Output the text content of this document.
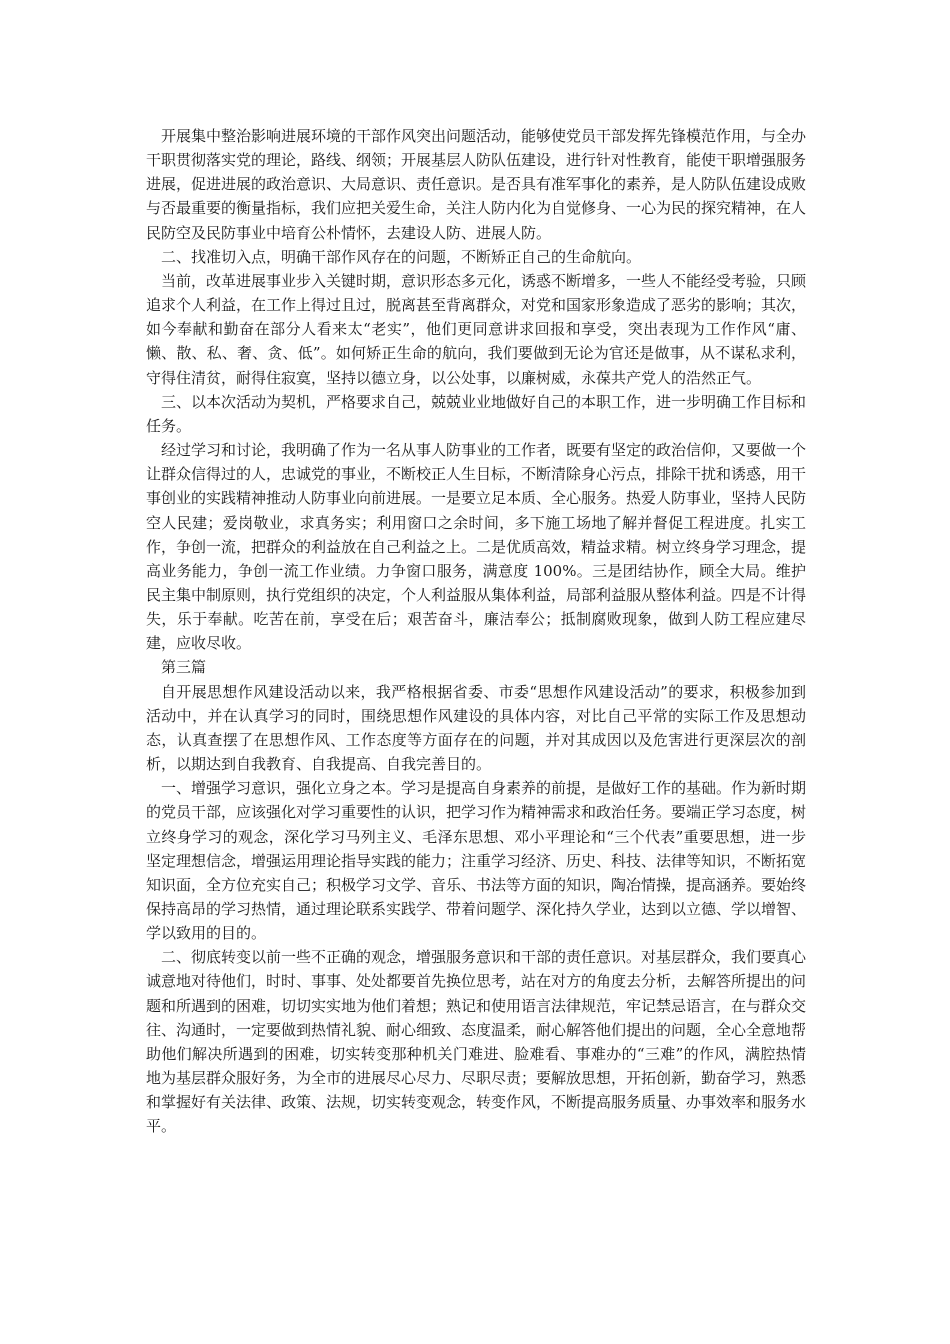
开展集中整治影响进展环境的干部作风突出问题活动，能够使党员干部发挥先锋模范作用，与全办干职贯彻落实党的理论，路线、纲领；开展基层人防队伍建设，进行针对性教育，能使干职增强服务进展，促进进展的政治意识、大局意识、责任意识。是否具有准军事化的素养，是人防队伍建设成败与否最重要的衡量指标，我们应把关爱生命，关注人防内化为自觉修身、一心为民的探究精神，在人民防空及民防事业中培育公朴情怀，去建设人防、进展人防。

二、找准切入点，明确干部作风存在的问题，不断矫正自己的生命航向。

当前，改革进展事业步入关键时期，意识形态多元化，诱惑不断增多，一些人不能经受考验，只顾追求个人利益，在工作上得过且过，脱离甚至背离群众，对党和国家形象造成了恶劣的影响；其次，如今奉献和勤奋在部分人看来太“老实”，他们更同意讲求回报和享受，突出表现为工作作风“庸、懒、散、私、奢、贪、低”。如何矫正生命的航向，我们要做到无论为官还是做事，从不谋私求利，守得住清贫，耐得住寂寞，坚持以德立身，以公处事，以廉树威，永葆共产党人的浩然正气。

三、以本次活动为契机，严格要求自己，兢兢业业地做好自己的本职工作，进一步明确工作目标和任务。

经过学习和讨论，我明确了作为一名从事人防事业的工作者，既要有坚定的政治信仰，又要做一个让群众信得过的人，忠诚党的事业，不断校正人生目标，不断清除身心污点，排除干扰和诱惑，用干事创业的实践精神推动人防事业向前进展。一是要立足本质、全心服务。热爱人防事业，坚持人民防空人民建；爱岗敬业，求真务实；利用窗口之余时间，多下施工场地了解并督促工程进度。扎实工作，争创一流，把群众的利益放在自己利益之上。二是优质高效，精益求精。树立终身学习理念，提高业务能力，争创一流工作业绩。力争窗口服务，满意度 100%。三是团结协作，顾全大局。维护民主集中制原则，执行党组织的决定，个人利益服从集体利益，局部利益服从整体利益。四是不计得失，乐于奉献。吃苦在前，享受在后；艰苦奋斗，廉洁奉公；抵制腐败现象，做到人防工程应建尽建，应收尽收。

第三篇

自开展思想作风建设活动以来，我严格根据省委、市委“思想作风建设活动”的要求，积极参加到活动中，并在认真学习的同时，围绕思想作风建设的具体内容，对比自己平常的实际工作及思想动态，认真查摆了在思想作风、工作态度等方面存在的问题，并对其成因以及危害进行更深层次的剖析，以期达到自我教育、自我提高、自我完善目的。

一、增强学习意识，强化立身之本。学习是提高自身素养的前提，是做好工作的基础。作为新时期的党员干部，应该强化对学习重要性的认识，把学习作为精神需求和政治任务。要端正学习态度，树立终身学习的观念，深化学习马列主义、毛泽东思想、邓小平理论和“三个代表”重要思想，进一步坚定理想信念，增强运用理论指导实践的能力；注重学习经济、历史、科技、法律等知识，不断拓宽知识面，全方位充实自己；积极学习文学、音乐、书法等方面的知识，陶冶情操，提高涵养。要始终保持高昂的学习热情，通过理论联系实践学、带着问题学、深化持久学业，达到以立德、学以增智、学以致用的目的。

二、彻底转变以前一些不正确的观念，增强服务意识和干部的责任意识。对基层群众，我们要真心诚意地对待他们，时时、事事、处处都要首先换位思考，站在对方的角度去分析，去解答所提出的问题和所遇到的困难，切切实实地为他们着想；熟记和使用语言法律规范，牢记禁忌语言，在与群众交往、沟通时，一定要做到热情礼貌、耐心细致、态度温柔，耐心解答他们提出的问题，全心全意地帮助他们解决所遇到的困难，切实转变那种机关门难进、脸难看、事难办的“三难”的作风，满腔热情地为基层群众服好务，为全市的进展尽心尽力、尽职尽责；要解放思想，开拓创新，勤奋学习，熟悉和掌握好有关法律、政策、法规，切实转变观念，转变作风，不断提高服务质量、办事效率和服务水平。
